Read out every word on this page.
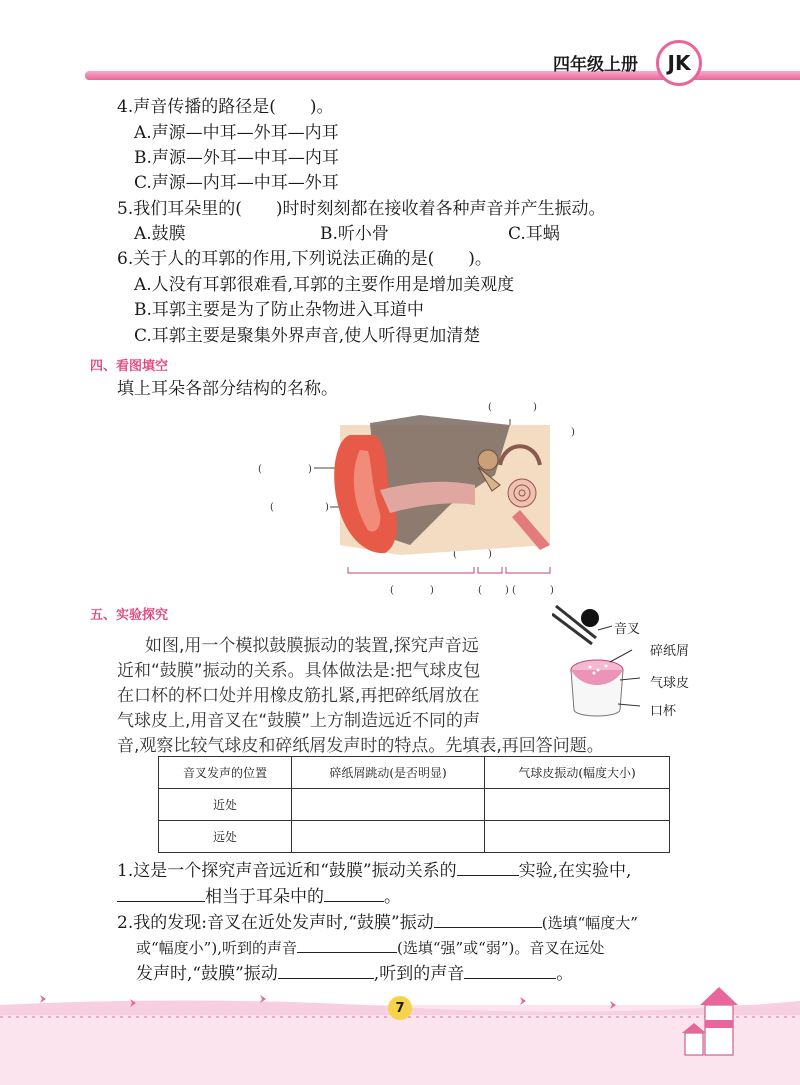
四年级上册 JK
4.声音传播的路径是(　　)。
A.声源—中耳—外耳—内耳
B.声源—外耳—中耳—内耳
C.声源—内耳—中耳—外耳
5.我们耳朵里的(　　)时时刻刻都在接收着各种声音并产生振动。
A.鼓膜	B.听小骨	C.耳蜗
6.关于人的耳郭的作用,下列说法正确的是(　　)。
A.人没有耳郭很难看,耳郭的主要作用是增加美观度
B.耳郭主要是为了防止杂物进入耳道中
C.耳郭主要是聚集外界声音,使人听得更加清楚
四、看图填空
填上耳朵各部分结构的名称。
(	)
)
(	)
(	)
(	)
(	)	( ) (	)
五、实验探究
如图,用一个模拟鼓膜振动的装置,探究声音远
近和“鼓膜”振动的关系。具体做法是:把气球皮包
在口杯的杯口处并用橡皮筋扎紧,再把碎纸屑放在
气球皮上,用音叉在“鼓膜”上方制造远近不同的声
音,观察比较气球皮和碎纸屑发声时的特点。先填表,再回答问题。
音叉
碎纸屑
气球皮
口杯
音叉发声的位置	碎纸屑跳动(是否明显)	气球皮振动(幅度大小)
近处		
远处		
1.这是一个探究声音远近和“鼓膜”振动关系的	实验,在实验中,
相当于耳朵中的	。
2.我的发现:音叉在近处发声时,“鼓膜”振动	(选填“幅度大”
或“幅度小”),听到的声音	(选填“强”或“弱”)。音叉在远处
发声时,“鼓膜”振动	,听到的声音	。
7
